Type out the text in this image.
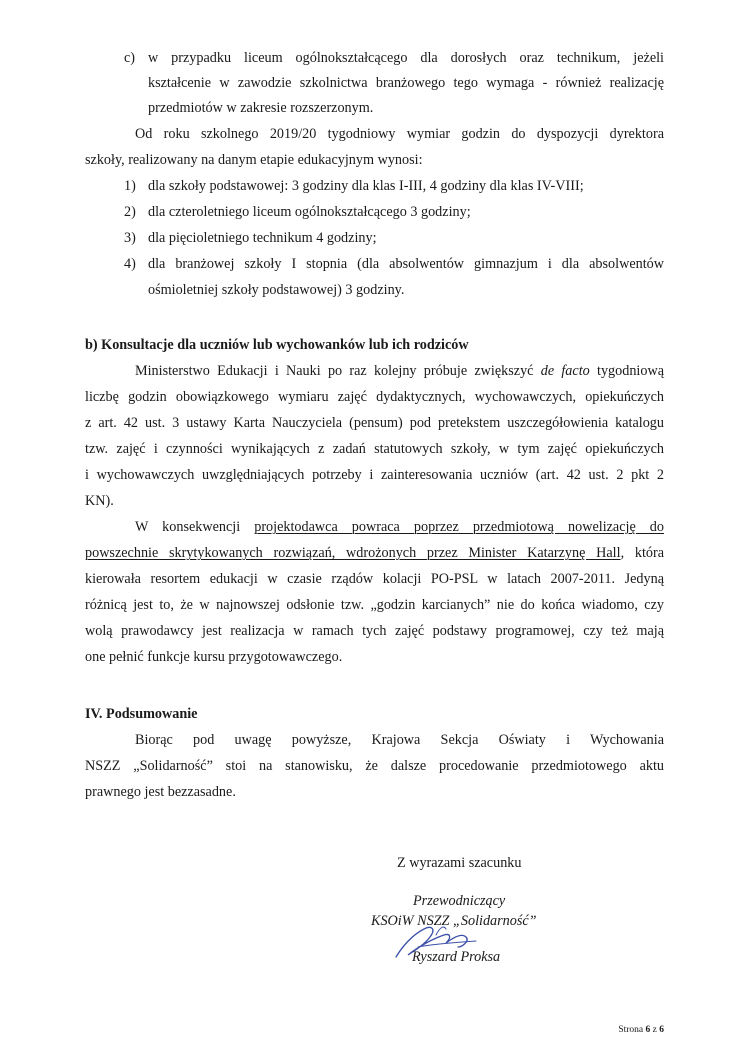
c) w przypadku liceum ogólnokształcącego dla dorosłych oraz technikum, jeżeli
kształcenie w zawodzie szkolnictwa branżowego tego wymaga - również realizację
przedmiotów w zakresie rozszerzonym.
Od roku szkolnego 2019/20 tygodniowy wymiar godzin do dyspozycji dyrektora
szkoły, realizowany na danym etapie edukacyjnym wynosi:
1) dla szkoły podstawowej: 3 godziny dla klas I-III, 4 godziny dla klas IV-VIII;
2) dla czteroletniego liceum ogólnokształcącego 3 godziny;
3) dla pięcioletniego technikum 4 godziny;
4) dla branżowej szkoły I stopnia (dla absolwentów gimnazjum i dla absolwentów
ośmioletniej szkoły podstawowej) 3 godziny.
b) Konsultacje dla uczniów lub wychowanków lub ich rodziców
Ministerstwo Edukacji i Nauki po raz kolejny próbuje zwiększyć de facto tygodniową
liczbę godzin obowiązkowego wymiaru zajęć dydaktycznych, wychowawczych, opiekuńczych
z art. 42 ust. 3 ustawy Karta Nauczyciela (pensum) pod pretekstem uszczegółowienia katalogu
tzw. zajęć i czynności wynikających z zadań statutowych szkoły, w tym zajęć opiekuńczych
i wychowawczych uwzględniających potrzeby i zainteresowania uczniów (art. 42 ust. 2 pkt 2
KN).
W konsekwencji projektodawca powraca poprzez przedmiotową nowelizację do
powszechnie skrytykowanych rozwiązań, wdrożonych przez Minister Katarzynę Hall, która
kierowała resortem edukacji w czasie rządów kolacji PO-PSL w latach 2007-2011. Jedyną
różnicą jest to, że w najnowszej odsłonie tzw. „godzin karcianych” nie do końca wiadomo, czy
wolą prawodawcy jest realizacja w ramach tych zajęć podstawy programowej, czy też mają
one pełnić funkcje kursu przygotowawczego.
IV. Podsumowanie
Biorąc pod uwagę powyższe, Krajowa Sekcja Oświaty i Wychowania
NSZZ „Solidarność” stoi na stanowisku, że dalsze procedowanie przedmiotowego aktu
prawnego jest bezzasadne.
Z wyrazami szacunku
Przewodniczący
KSOiW NSZZ „Solidarność”
Ryszard Proksa
Strona 6 z 6
